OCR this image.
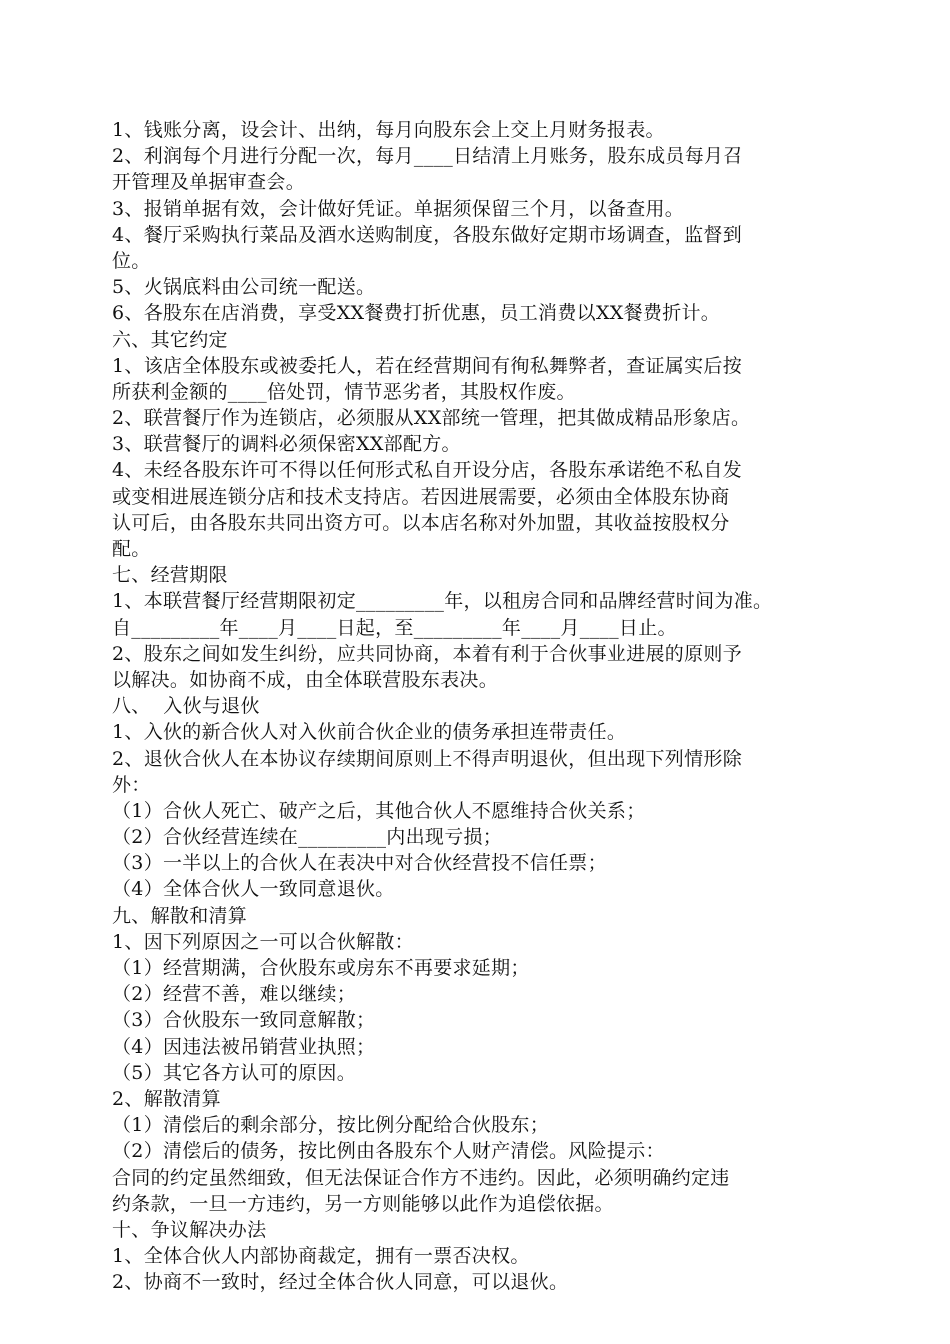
1、钱账分离，设会计、出纳，每月向股东会上交上月财务报表。
2、利润每个月进行分配一次，每月____日结清上月账务，股东成员每月召
开管理及单据审查会。
3、报销单据有效，会计做好凭证。单据须保留三个月，以备查用。
4、餐厅采购执行菜品及酒水送购制度，各股东做好定期市场调查，监督到
位。
5、火锅底料由公司统一配送。
6、各股东在店消费，享受XX餐费打折优惠，员工消费以XX餐费折计。
六、其它约定
1、该店全体股东或被委托人，若在经营期间有徇私舞弊者，查证属实后按
所获利金额的____倍处罚，情节恶劣者，其股权作废。
2、联营餐厅作为连锁店，必须服从XX部统一管理，把其做成精品形象店。
3、联营餐厅的调料必须保密XX部配方。
4、未经各股东许可不得以任何形式私自开设分店，各股东承诺绝不私自发
或变相进展连锁分店和技术支持店。若因进展需要，必须由全体股东协商
认可后，由各股东共同出资方可。以本店名称对外加盟，其收益按股权分
配。
七、经营期限
1、本联营餐厅经营期限初定_________年，以租房合同和品牌经营时间为准。
自_________年____月____日起，至_________年____月____日止。
2、股东之间如发生纠纷，应共同协商，本着有利于合伙事业进展的原则予
以解决。如协商不成，由全体联营股东表决。
八、  入伙与退伙
1、入伙的新合伙人对入伙前合伙企业的债务承担连带责任。
2、退伙合伙人在本协议存续期间原则上不得声明退伙，但出现下列情形除
外：
（1）合伙人死亡、破产之后，其他合伙人不愿维持合伙关系；
（2）合伙经营连续在_________内出现亏损；
（3）一半以上的合伙人在表决中对合伙经营投不信任票；
（4）全体合伙人一致同意退伙。
九、解散和清算
1、因下列原因之一可以合伙解散：
（1）经营期满，合伙股东或房东不再要求延期；
（2）经营不善，难以继续；
（3）合伙股东一致同意解散；
（4）因违法被吊销营业执照；
（5）其它各方认可的原因。
2、解散清算
（1）清偿后的剩余部分，按比例分配给合伙股东；
（2）清偿后的债务，按比例由各股东个人财产清偿。风险提示：
合同的约定虽然细致，但无法保证合作方不违约。因此，必须明确约定违
约条款，一旦一方违约，另一方则能够以此作为追偿依据。
十、争议解决办法
1、全体合伙人内部协商裁定，拥有一票否决权。
2、协商不一致时，经过全体合伙人同意，可以退伙。
